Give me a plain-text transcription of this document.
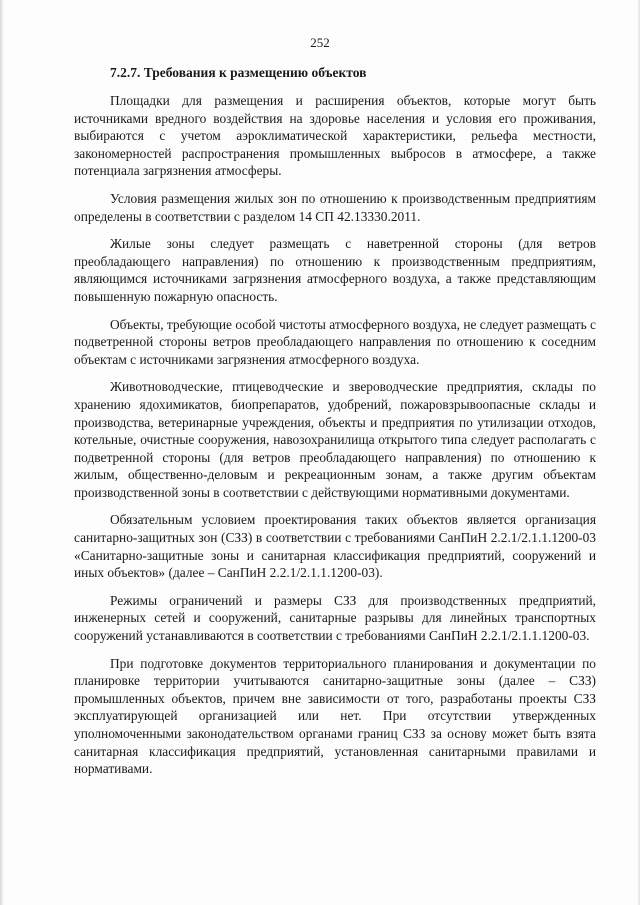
252
7.2.7. Требования к размещению объектов

Площадки для размещения и расширения объектов, которые могут быть источниками вредного воздействия на здоровье населения и условия его проживания, выбираются с учетом аэроклиматической характеристики, рельефа местности, закономерностей распространения промышленных выбросов в атмосфере, а также потенциала загрязнения атмосферы.

Условия размещения жилых зон по отношению к производственным предприятиям определены в соответствии с разделом 14 СП 42.13330.2011.

Жилые зоны следует размещать с наветренной стороны (для ветров преобладающего направления) по отношению к производственным предприятиям, являющимся источниками загрязнения атмосферного воздуха, а также представляющим повышенную пожарную опасность.

Объекты, требующие особой чистоты атмосферного воздуха, не следует размещать с подветренной стороны ветров преобладающего направления по отношению к соседним объектам с источниками загрязнения атмосферного воздуха.

Животноводческие, птицеводческие и звероводческие предприятия, склады по хранению ядохимикатов, биопрепаратов, удобрений, пожаровзрывоопасные склады и производства, ветеринарные учреждения, объекты и предприятия по утилизации отходов, котельные, очистные сооружения, навозохранилища открытого типа следует располагать с подветренной стороны (для ветров преобладающего направления) по отношению к жилым, общественно-деловым и рекреационным зонам, а также другим объектам производственной зоны в соответствии с действующими нормативными документами.

Обязательным условием проектирования таких объектов является организация санитарно-защитных зон (СЗЗ) в соответствии с требованиями СанПиН 2.2.1/2.1.1.1200-03 «Санитарно-защитные зоны и санитарная классификация предприятий, сооружений и иных объектов» (далее – СанПиН 2.2.1/2.1.1.1200-03).

Режимы ограничений и размеры СЗЗ для производственных предприятий, инженерных сетей и сооружений, санитарные разрывы для линейных транспортных сооружений устанавливаются в соответствии с требованиями СанПиН 2.2.1/2.1.1.1200-03.

При подготовке документов территориального планирования и документации по планировке территории учитываются санитарно-защитные зоны (далее – СЗЗ) промышленных объектов, причем вне зависимости от того, разработаны проекты СЗЗ эксплуатирующей организацией или нет. При отсутствии утвержденных уполномоченными законодательством органами границ СЗЗ за основу может быть взята санитарная классификация предприятий, установленная санитарными правилами и нормативами.
